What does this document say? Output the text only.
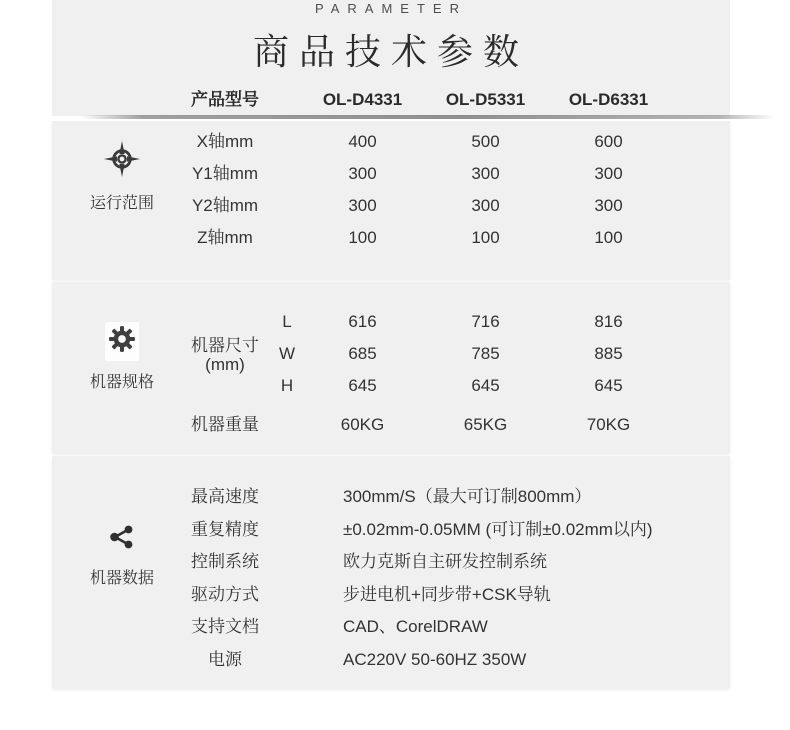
PARAMETER
商品技术参数
产品型号	OL-D4331	OL-D5331	OL-D6331
运行范围
X轴mm	400	500	600
Y1轴mm	300	300	300
Y2轴mm	300	300	300
Z轴mm	100	100	100
机器规格
机器尺寸
(mm)
L	616	716	816
W	685	785	885
H	645	645	645
机器重量	60KG	65KG	70KG
机器数据
最高速度	300mm/S（最大可订制800mm）
重复精度	±0.02mm-0.05MM (可订制±0.02mm以内)
控制系统	欧力克斯自主研发控制系统
驱动方式	步进电机+同步带+CSK导轨
支持文档	CAD、CorelDRAW
电源	AC220V 50-60HZ 350W
